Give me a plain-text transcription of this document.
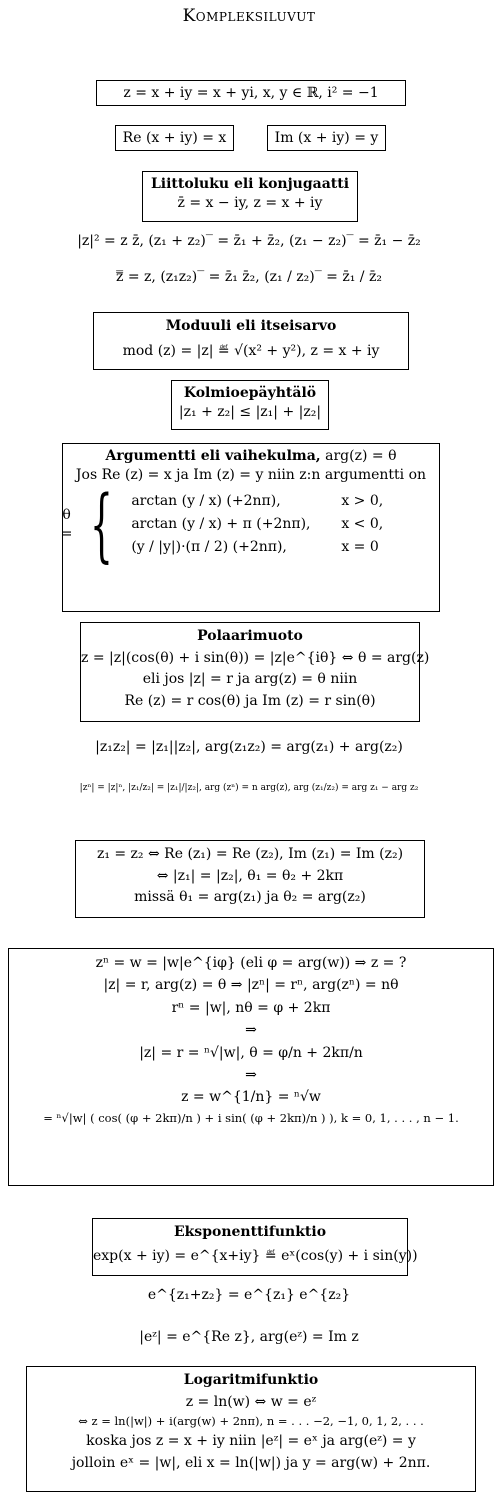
Kompleksiluvut
z = x + iy = x + yi, x, y ∈ ℝ, i² = −1
Re (x + iy) = x	Im (x + iy) = y
Liittoluku eli konjugaatti
z̄ = x − iy, z = x + iy
|z|² = z z̄, (z₁ + z₂)‾ = z̄₁ + z̄₂, (z₁ − z₂)‾ = z̄₁ − z̄₂
z̿ = z, (z₁z₂)‾ = z̄₁ z̄₂, (z₁ / z₂)‾ = z̄₁ / z̄₂
Moduuli eli itseisarvo
mod (z) = |z| ≝ √(x² + y²), z = x + iy
Kolmioepäyhtälö
|z₁ + z₂| ≤ |z₁| + |z₂|
Argumentti eli vaihekulma, arg(z) = θ
Jos Re (z) = x ja Im (z) = y niin z:n argumentti on
θ = { arctan (y / x) (+2nπ),	x > 0,
arctan (y / x) + π (+2nπ),	x < 0,
(y / |y|)·(π / 2) (+2nπ),	x = 0
Polaarimuoto
z = |z|(cos(θ) + i sin(θ)) = |z|e^{iθ} ⇔ θ = arg(z)
eli jos |z| = r ja arg(z) = θ niin
Re (z) = r cos(θ) ja Im (z) = r sin(θ)
|z₁z₂| = |z₁||z₂|, arg(z₁z₂) = arg(z₁) + arg(z₂)
|zⁿ| = |z|ⁿ, |z₁/z₂| = |z₁|/|z₂|, arg (zⁿ) = n arg(z), arg (z₁/z₂) = arg z₁ − arg z₂
z₁ = z₂ ⇔ Re (z₁) = Re (z₂), Im (z₁) = Im (z₂)
⇔ |z₁| = |z₂|, θ₁ = θ₂ + 2kπ
missä θ₁ = arg(z₁) ja θ₂ = arg(z₂)
zⁿ = w = |w|e^{iφ} (eli φ = arg(w)) ⇒ z = ?
|z| = r, arg(z) = θ ⇒ |zⁿ| = rⁿ, arg(zⁿ) = nθ
rⁿ = |w|, nθ = φ + 2kπ
⇒
|z| = r = ⁿ√|w|, θ = φ/n + 2kπ/n
⇒
z = w^{1/n} = ⁿ√w
= ⁿ√|w| ( cos( (φ + 2kπ)/n ) + i sin( (φ + 2kπ)/n ) ), k = 0, 1, . . . , n − 1.
Eksponenttifunktio
exp(x + iy) = e^{x+iy} ≝ eˣ(cos(y) + i sin(y))
e^{z₁+z₂} = e^{z₁} e^{z₂}
|eᶻ| = e^{Re z}, arg(eᶻ) = Im z
Logaritmifunktio
z = ln(w) ⇔ w = eᶻ
⇔ z = ln(|w|) + i(arg(w) + 2nπ), n = . . . −2, −1, 0, 1, 2, . . .
koska jos z = x + iy niin |eᶻ| = eˣ ja arg(eᶻ) = y
jolloin eˣ = |w|, eli x = ln(|w|) ja y = arg(w) + 2nπ.
